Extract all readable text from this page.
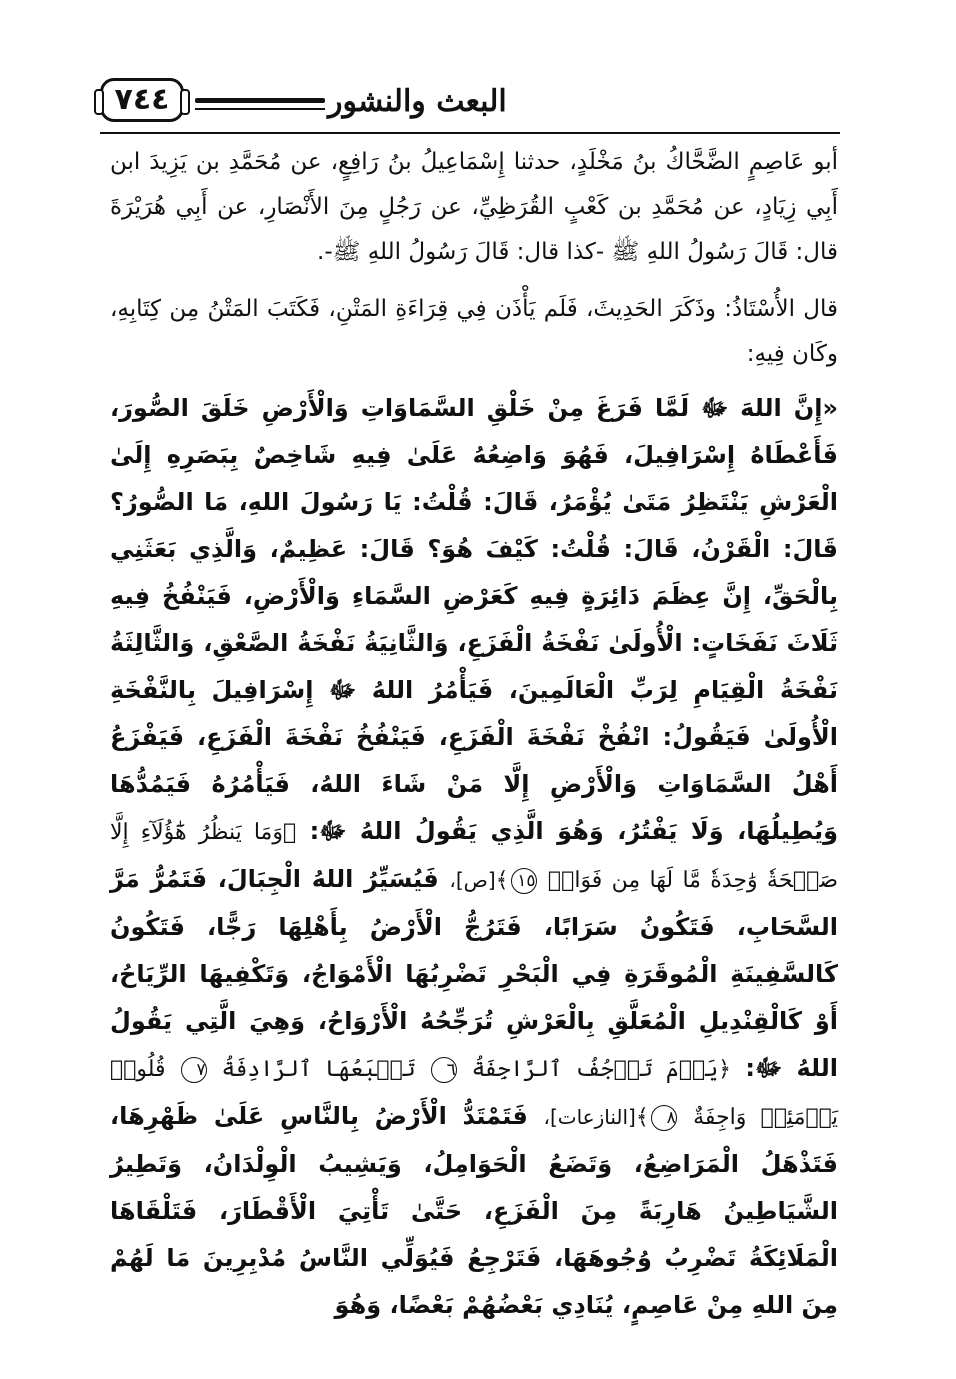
٧٤٤	البعث والنشور

أبو عَاصِمٍ الضَّحَّاكُ بنُ مَخْلَدٍ، حدثنا إِسْمَاعِيلُ بنُ رَافِعٍ، عن مُحَمَّدِ بن يَزِيدَ ابن أَبِي زِيَادٍ، عن مُحَمَّدِ بن كَعْبٍ القُرَظِيِّ، عن رَجُلٍ مِنَ الأَنْصَارِ، عن أَبِي هُرَيْرَةَ قال: قَالَ رَسُولُ اللهِ ﷺ -كذا قال: قَالَ رَسُولُ اللهِ ﷺ-.

قال الأُسْتَاذُ: وذَكَرَ الحَدِيثَ، فَلَم يَأْذَن فِي قِرَاءَةِ المَتْنِ، فَكَتَبَ المَتْنُ مِن كِتَابِهِ، وكَان فِيهِ:

«إِنَّ اللهَ ﷻ لَمَّا فَرَغَ مِنْ خَلْقِ السَّمَاوَاتِ وَالْأَرْضِ خَلَقَ الصُّورَ، فَأَعْطَاهُ إِسْرَافِيلَ، فَهُوَ وَاضِعُهُ عَلَىٰ فِيهِ شَاخِصٌ بِبَصَرِهِ إِلَىٰ الْعَرْشِ يَنْتَظِرُ مَتَىٰ يُؤْمَرُ، قَالَ: قُلْتُ: يَا رَسُولَ اللهِ، مَا الصُّورُ؟ قَالَ: الْقَرْنُ، قَالَ: قُلْتُ: كَيْفَ هُوَ؟ قَالَ: عَظِيمٌ، وَالَّذِي بَعَثَنِي بِالْحَقِّ، إِنَّ عِظَمَ دَائِرَةٍ فِيهِ كَعَرْضِ السَّمَاءِ وَالْأَرْضِ، فَيَنْفُخُ فِيهِ ثَلَاثَ نَفَخَاتٍ: الْأُولَىٰ نَفْخَةُ الْفَزَعِ، وَالثَّانِيَةُ نَفْخَةُ الصَّعْقِ، وَالثَّالِثَةُ نَفْخَةُ الْقِيَامِ لِرَبِّ الْعَالَمِينَ، فَيَأْمُرُ اللهُ ﷻ إِسْرَافِيلَ بِالنَّفْخَةِ الْأُولَىٰ فَيَقُولُ: انْفُخْ نَفْخَةَ الْفَزَعِ، فَيَنْفُخُ نَفْخَةَ الْفَزَعِ، فَيَفْزَعُ أَهْلُ السَّمَاوَاتِ وَالْأَرْضِ إِلَّا مَنْ شَاءَ اللهُ، فَيَأْمُرُهُ فَيَمُدُّهَا وَيُطِيلُهَا، وَلَا يَفْتُرُ، وَهُوَ الَّذِي يَقُولُ اللهُ ﷻ: ﴿وَمَا يَنظُرُ هَٰٓؤُلَآءِ إِلَّا صَيۡحَةٗ وَٰحِدَةٗ مَّا لَهَا مِن فَوَاقٖ ١٥﴾[ص]، فَيُسَيِّرُ اللهُ الْجِبَالَ، فَتَمُرُّ مَرَّ السَّحَابِ، فَتَكُونُ سَرَابًا، فَتَرُجُّ الْأَرْضُ بِأَهْلِهَا رَجًّا، فَتَكُونُ كَالسَّفِينَةِ الْمُوقَرَةِ فِي الْبَحْرِ تَضْرِبُهَا الْأَمْوَاجُ، وَتَكْفِيهَا الرِّيَاحُ، أَوْ كَالْقِنْدِيلِ الْمُعَلَّقِ بِالْعَرْشِ تُرَجِّحُهُ الْأَرْوَاحُ، وَهِيَ الَّتِي يَقُولُ اللهُ ﷻ: ﴿يَوۡمَ تَرۡجُفُ ٱلرَّاجِفَةُ ٦ تَتۡبَعُهَا ٱلرَّادِفَةُ ٧ قُلُوبٞ يَوۡمَئِذٖ وَاجِفَةٌ ٨﴾[النازعات]، فَتَمْتَدُّ الْأَرْضُ بِالنَّاسِ عَلَىٰ ظَهْرِهَا، فَتَذْهَلُ الْمَرَاضِعُ، وَتَضَعُ الْحَوَامِلُ، وَيَشِيبُ الْوِلْدَانُ، وَتَطِيرُ الشَّيَاطِينُ هَارِبَةً مِنَ الْفَزَعِ، حَتَّىٰ تَأْتِيَ الْأَقْطَارَ، فَتَلْقَاهَا الْمَلَائِكَةُ تَضْرِبُ وُجُوهَهَا، فَتَرْجِعُ فَيُوَلِّي النَّاسُ مُدْبِرِينَ مَا لَهُمْ مِنَ اللهِ مِنْ عَاصِمٍ، يُنَادِي بَعْضُهُمْ بَعْضًا، وَهُوَ
